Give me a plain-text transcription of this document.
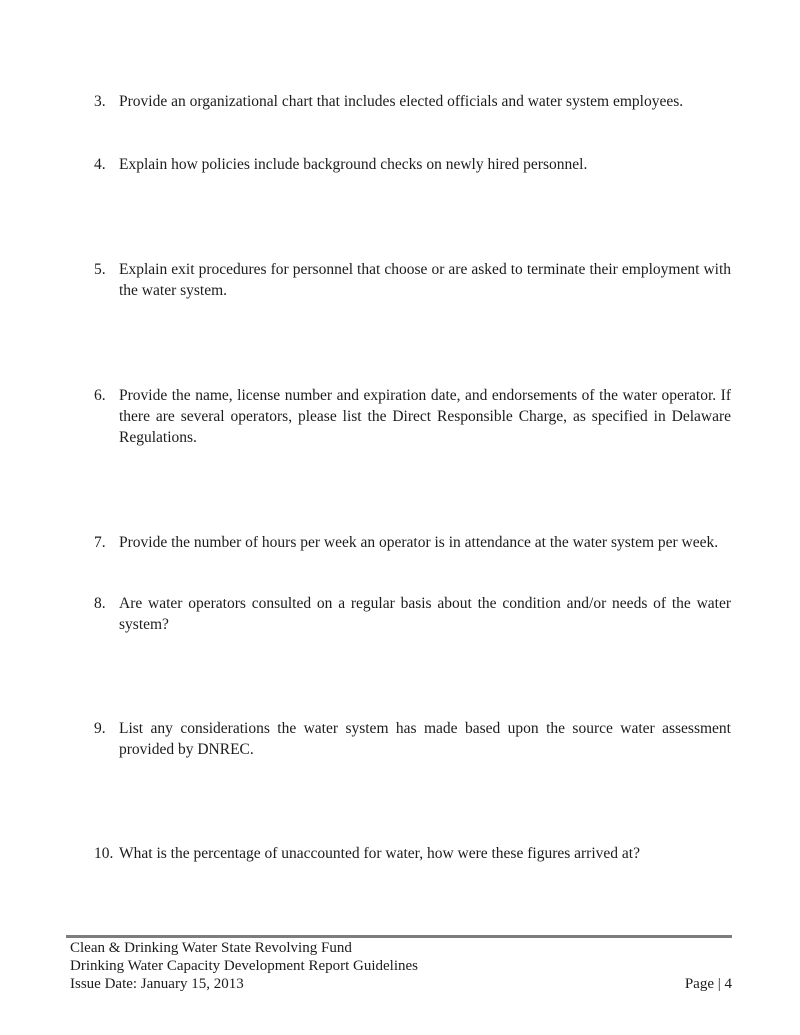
3. Provide an organizational chart that includes elected officials and water system employees.
4. Explain how policies include background checks on newly hired personnel.
5. Explain exit procedures for personnel that choose or are asked to terminate their employment with the water system.
6. Provide the name, license number and expiration date, and endorsements of the water operator. If there are several operators, please list the Direct Responsible Charge, as specified in Delaware Regulations.
7. Provide the number of hours per week an operator is in attendance at the water system per week.
8. Are water operators consulted on a regular basis about the condition and/or needs of the water system?
9. List any considerations the water system has made based upon the source water assessment provided by DNREC.
10. What is the percentage of unaccounted for water, how were these figures arrived at?
Clean & Drinking Water State Revolving Fund
Drinking Water Capacity Development Report Guidelines
Issue Date: January 15, 2013	Page | 4
